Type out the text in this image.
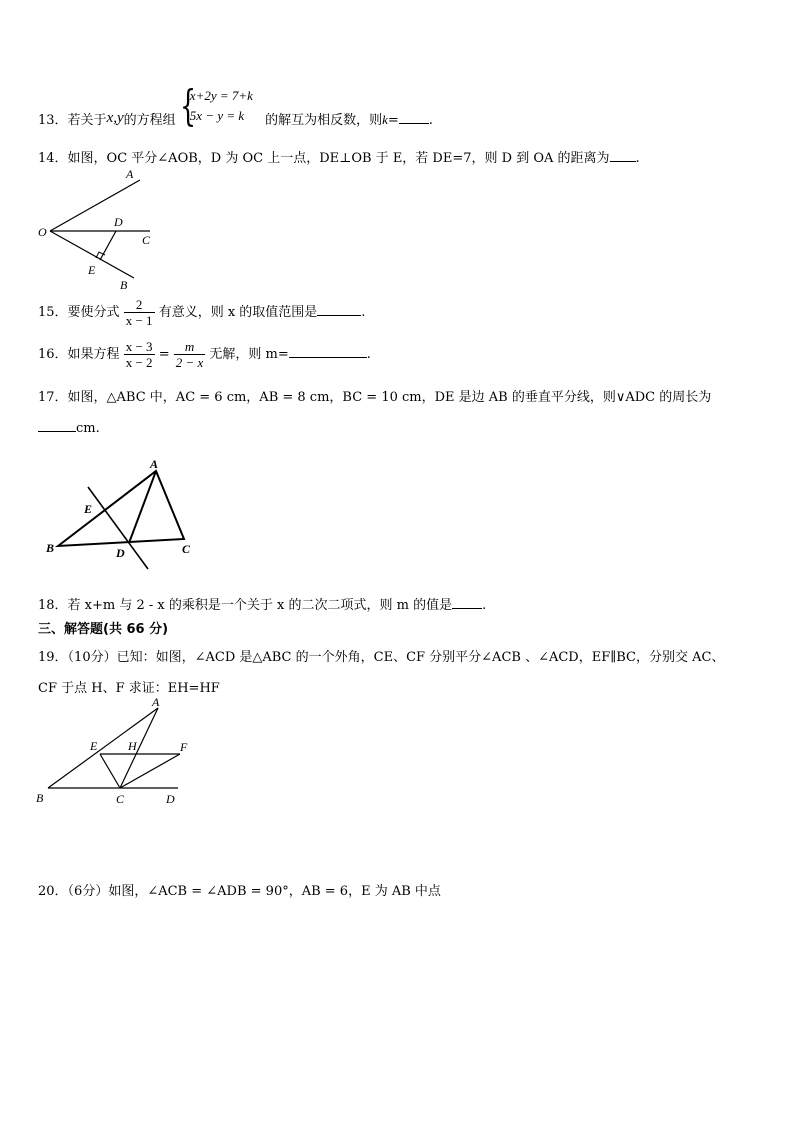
13．若关于x,y的方程组 {
x+2y = 7+k
5x − y = k	的解互为相反数，则k= .
14．如图，OC 平分∠AOB，D 为 OC 上一点，DE⊥OB 于 E，若 DE=7，则 D 到 OA 的距离为 .
A
O
D
C
E
B
15．要使分式 $\frac{2}{x - 1}$ 有意义，则 x 的取值范围是	.
16．如果方程 $\frac{x - 3}{x - 2} = \frac{m}{2 - x}$ 无解，则 m=	.
17．如图，△ABC 中，AC = 6 cm，AB = 8 cm，BC = 10 cm，DE 是边 AB 的垂直平分线，则∨ADC 的周长为
cm.
A
E
B	D	C
18．若 x+m 与 2 - x 的乘积是一个关于 x 的二次二项式，则 m 的值是 .
三、解答题(共 66 分)
19．（10分）已知：如图，∠ACD 是△ABC 的一个外角，CE、CF 分别平分∠ACB 、∠ACD，EF∥BC，分别交 AC、
CF 于点 H、F 求证：EH=HF
A
E	H	F
B	C	D
20．（6分）如图，∠ACB = ∠ADB = 90°，AB = 6，E 为 AB 中点
